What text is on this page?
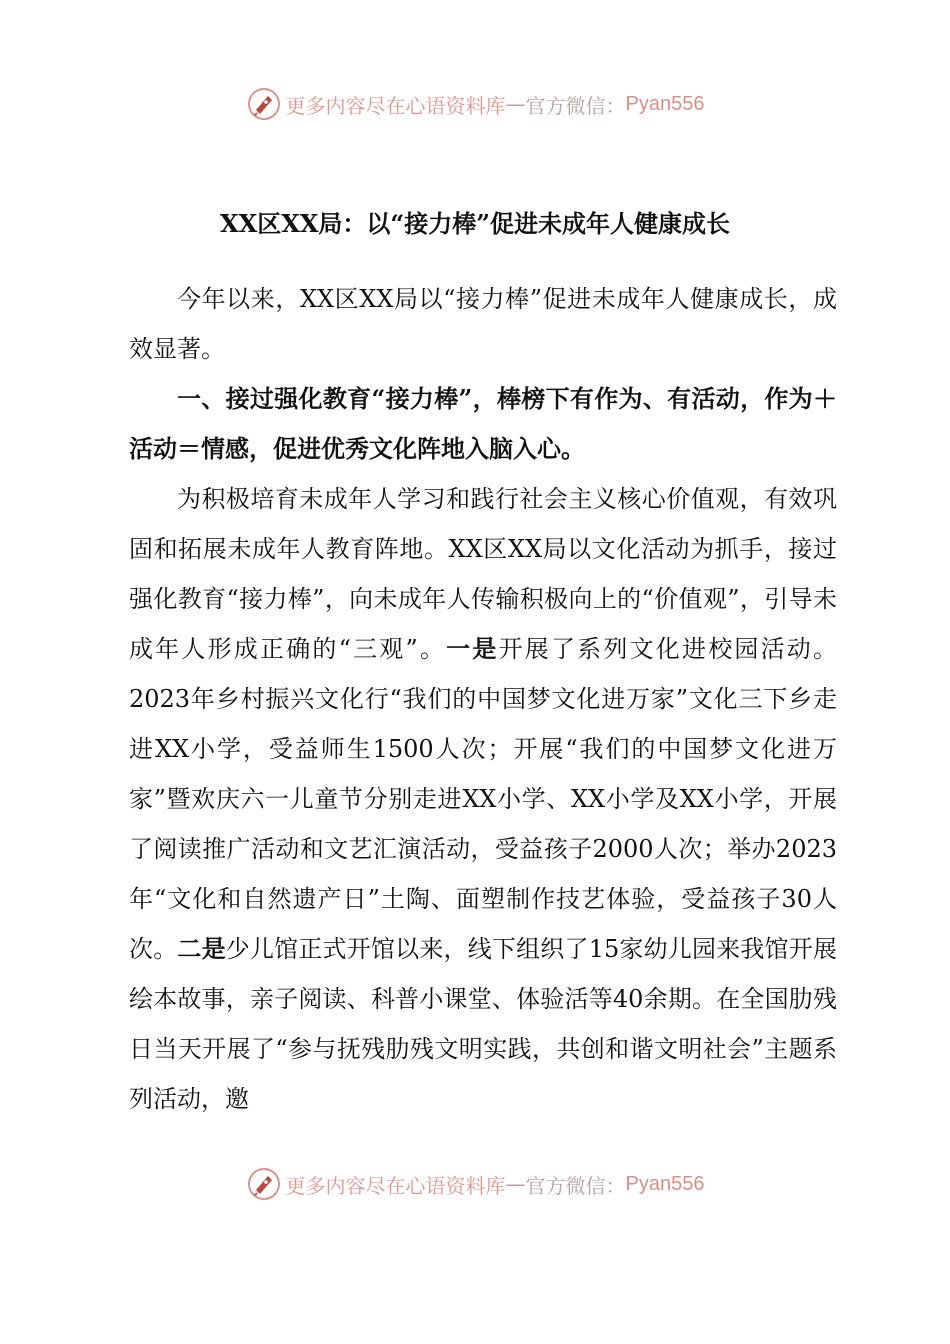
更多内容尽在心语资料库 — 官方微信： Pyan556
XX区XX局：以“接力棒”促进未成年人健康成长

今年以来，XX区XX局以“接力棒”促进未成年人健康成长，成效显著。

一、接过强化教育“接力棒”，棒榜下有作为、有活动，作为＋活动＝情感，促进优秀文化阵地入脑入心。

为积极培育未成年人学习和践行社会主义核心价值观，有效巩固和拓展未成年人教育阵地。XX区XX局以文化活动为抓手，接过强化教育“接力棒”，向未成年人传输积极向上的“价值观”，引导未成年人形成正确的“三观”。一是开展了系列文化进校园活动。2023年乡村振兴文化行“我们的中国梦文化进万家”文化三下乡走进XX小学，受益师生1500人次；开展“我们的中国梦文化进万家”暨欢庆六一儿童节分别走进XX小学、XX小学及XX小学，开展了阅读推广活动和文艺汇演活动，受益孩子2000人次；举办2023年“文化和自然遗产日”土陶、面塑制作技艺体验，受益孩子30人次。二是少儿馆正式开馆以来，线下组织了15家幼儿园来我馆开展绘本故事，亲子阅读、科普小课堂、体验活等40余期。在全国肋残日当天开展了“参与抚残肋残文明实践，共创和谐文明社会”主题系列活动，邀

更多内容尽在心语资料库 — 官方微信： Pyan556
